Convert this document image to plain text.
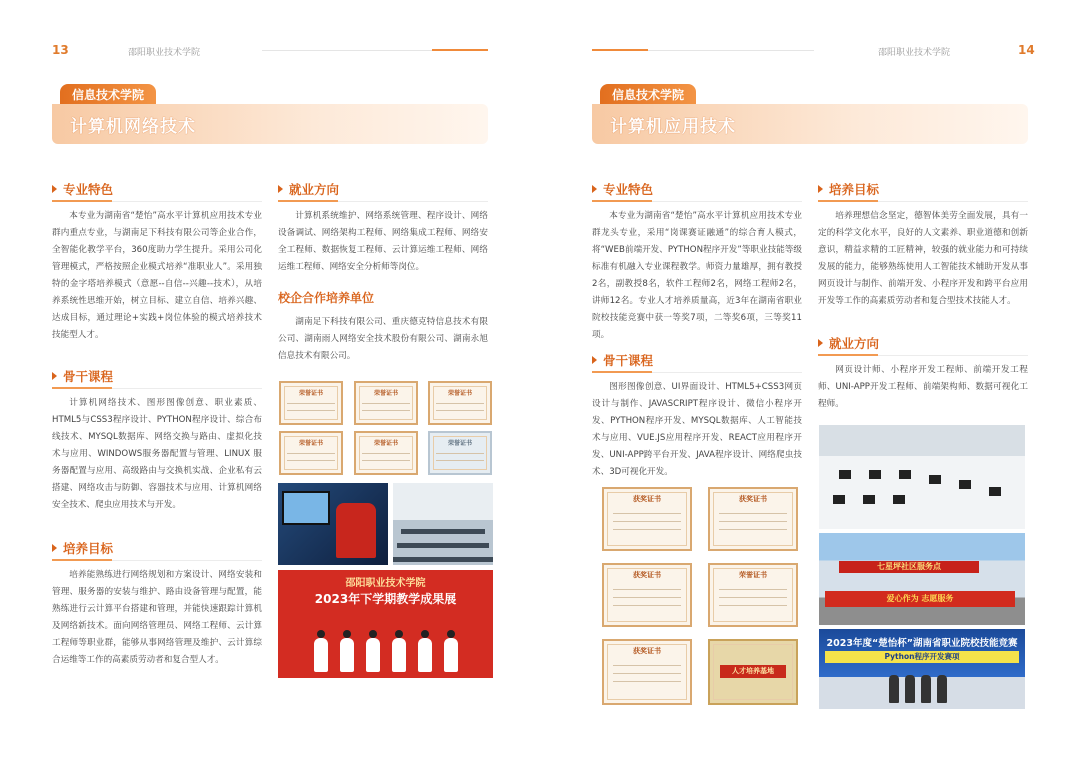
13	邵阳职业技术学院
信息技术学院
计算机网络技术
专业特色
本专业为湖南省“楚怡”高水平计算机应用技术专业群内重点专业，与湖南足下科技有限公司等企业合作，全智能化教学平台，360度助力学生提升。采用公司化管理模式，严格按照企业模式培养“准职业人”。采用独特的金字塔培养模式（意愿--自信--兴趣--技术），从培养系统性思维开始，树立目标、建立自信、培养兴趣、达成目标，通过理论+实践+岗位体验的模式培养技术技能型人才。
骨干课程
计算机网络技术、图形图像创意、职业素质、HTML5与CSS3程序设计、PYTHON程序设计、综合布线技术、MYSQL数据库、网络交换与路由、虚拟化技术与应用、WINDOWS服务器配置与管理、LINUX 服务器配置与应用、高级路由与交换机实战、企业私有云搭建、网络攻击与防御、容器技术与应用、计算机网络安全技术、爬虫应用技术与开发。
培养目标
培养能熟练进行网络规划和方案设计、网络安装和管理、服务器的安装与维护、路由设备管理与配置，能熟练进行云计算平台搭建和管理，并能快速跟踪计算机及网络新技术。面向网络管理员、网络工程师、云计算工程师等职业群，能够从事网络管理及维护、云计算综合运维等工作的高素质劳动者和复合型人才。
就业方向
计算机系统维护、网络系统管理、程序设计、网络设备调试、网络架构工程师、网络集成工程师、网络安全工程师、数据恢复工程师、云计算运维工程师、网络运维工程师、网络安全分析师等岗位。
校企合作培养单位
湖南足下科技有限公司、重庆德克特信息技术有限公司、湖南雨人网络安全技术股份有限公司、湖南永旭信息技术有限公司。
荣誉证书	荣誉证书	荣誉证书
荣誉证书	荣誉证书	荣誉证书
邵阳职业技术学院
2023年下学期教学成果展
邵阳职业技术学院	14
信息技术学院
计算机应用技术
专业特色
本专业为湖南省“楚怡”高水平计算机应用技术专业群龙头专业，采用“岗课赛证融通”的综合育人模式，将“WEB前端开发、PYTHON程序开发”等职业技能等级标准有机融入专业课程教学。师资力量雄厚，拥有教授2名，副教授8名，软件工程师2名，网络工程师2名，讲师12名。专业人才培养质量高，近3年在湖南省职业院校技能竞赛中获一等奖7项，二等奖6项，三等奖11项。
骨干课程
图形图像创意、UI界面设计、HTML5+CSS3网页设计与制作、JAVASCRIPT程序设计、微信小程序开发、PYTHON程序开发、MYSQL数据库、人工智能技术与应用、VUE.JS应用程序开发、REACT应用程序开发、UNI-APP跨平台开发、JAVA程序设计、网络爬虫技术、3D可视化开发。
培养目标
培养理想信念坚定，德智体美劳全面发展，具有一定的科学文化水平，良好的人文素养、职业道德和创新意识，精益求精的工匠精神，较强的就业能力和可持续发展的能力，能够熟练使用人工智能技术辅助开发从事网页设计与制作、前端开发、小程序开发和跨平台应用开发等工作的高素质劳动者和复合型技术技能人才。
就业方向
网页设计师、小程序开发工程师、前端开发工程师、UNI-APP开发工程师、前端架构师、数据可视化工程师。
获奖证书	获奖证书
获奖证书	荣誉证书
获奖证书
人才培养基地
七星坪社区服务点
爱心作为 志愿服务
2023年度“楚怡杯”湖南省职业院校技能竞赛
Python程序开发赛项
